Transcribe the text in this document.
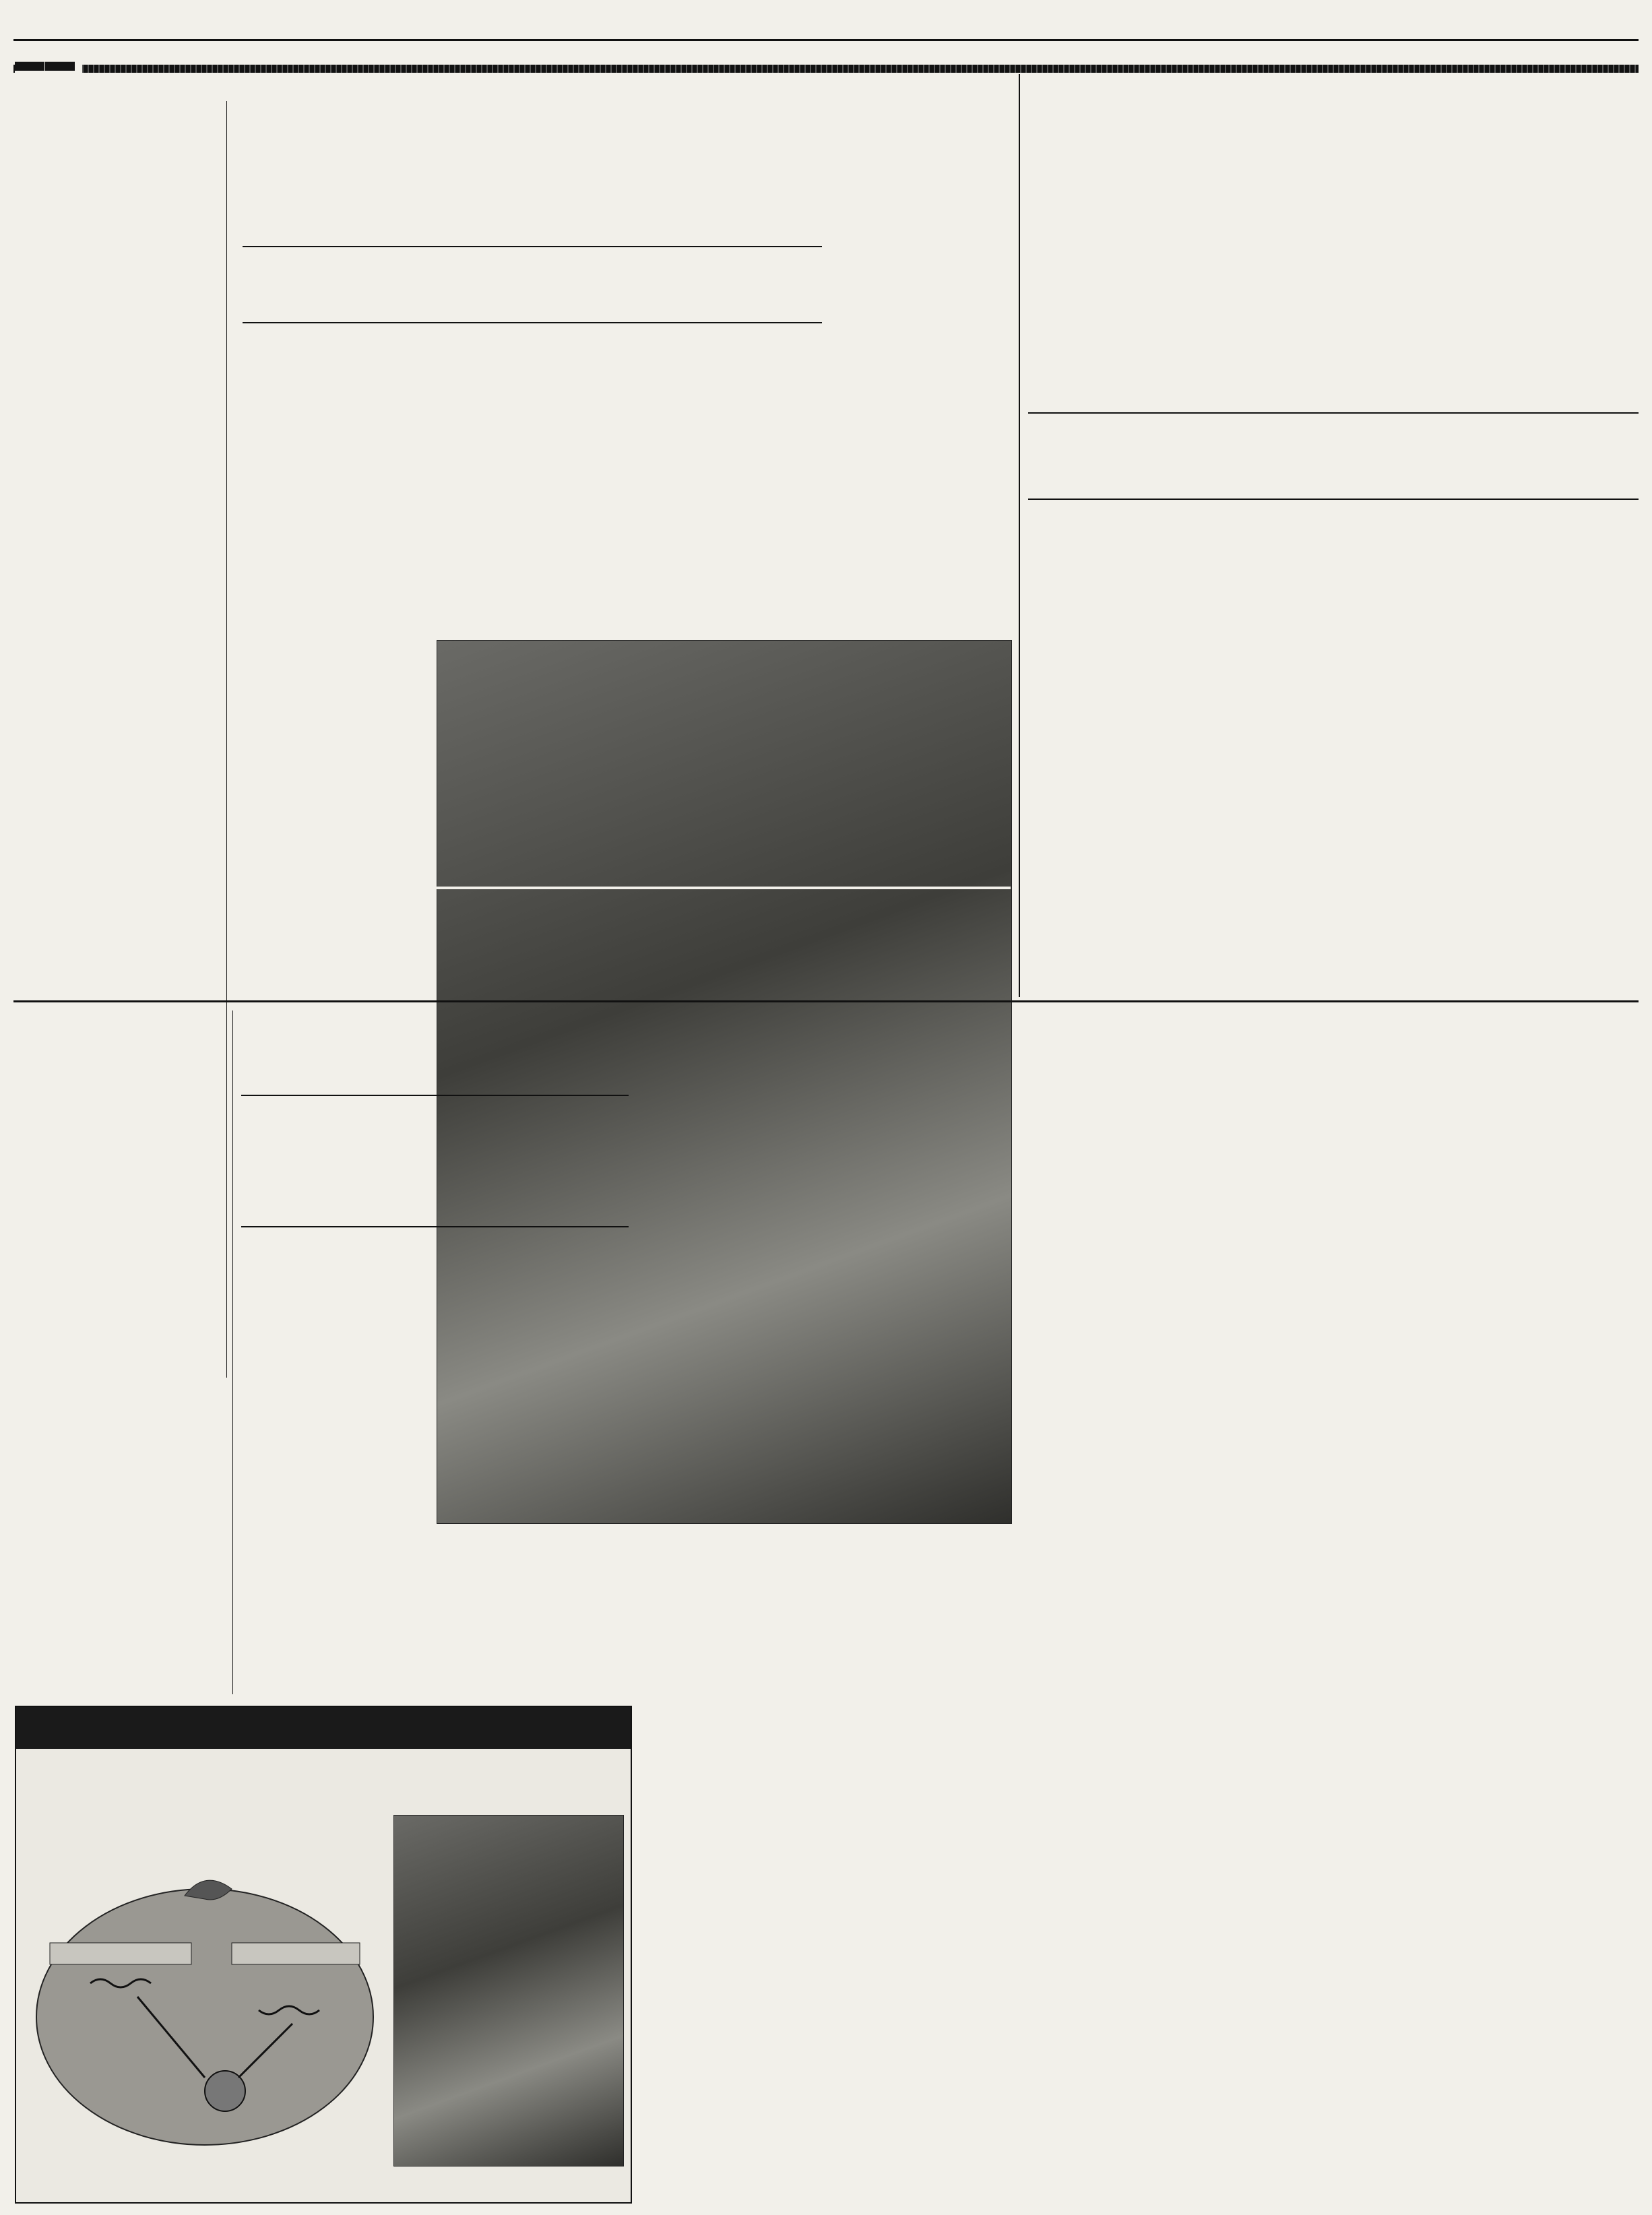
▬▬
